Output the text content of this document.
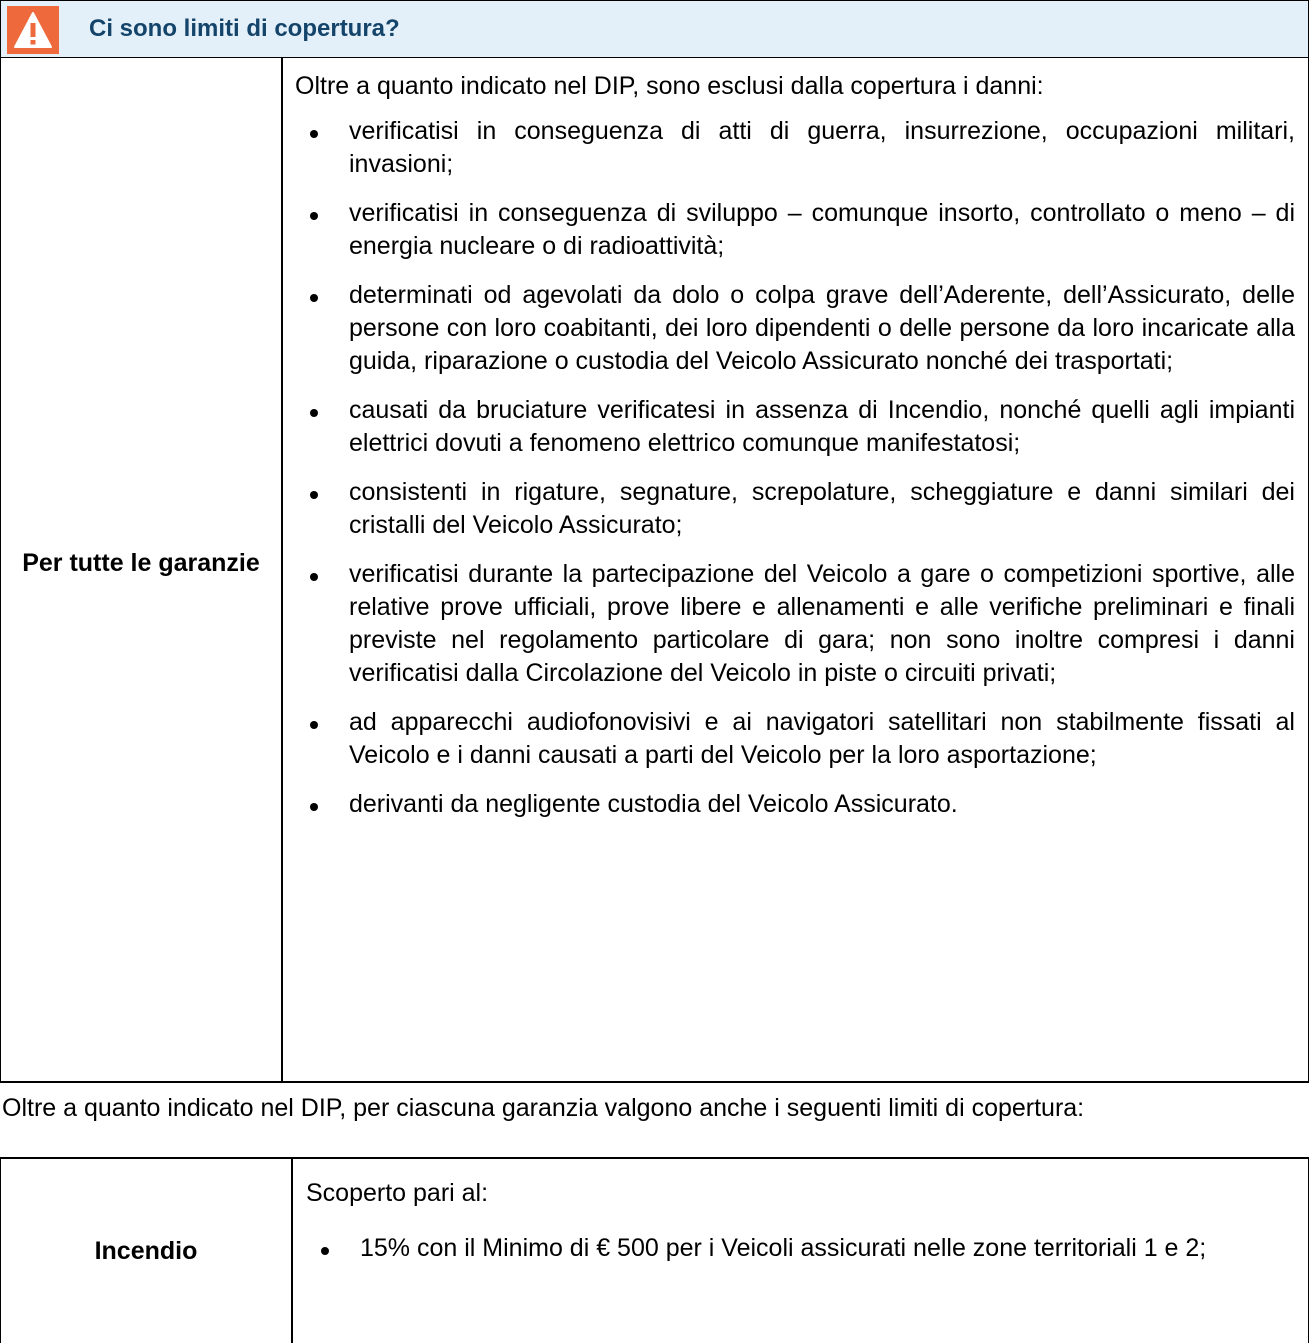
Ci sono limiti di copertura?
Per tutte le garanzie

Oltre a quanto indicato nel DIP, sono esclusi dalla copertura i danni:

verificatisi in conseguenza di atti di guerra, insurrezione, occupazioni militari, invasioni;
verificatisi in conseguenza di sviluppo – comunque insorto, controllato o meno – di energia nucleare o di radioattività;
determinati od agevolati da dolo o colpa grave dell’Aderente, dell’Assicurato, delle persone con loro coabitanti, dei loro dipendenti o delle persone da loro incaricate alla guida, riparazione o custodia del Veicolo Assicurato nonché dei trasportati;
causati da bruciature verificatesi in assenza di Incendio, nonché quelli agli impianti elettrici dovuti a fenomeno elettrico comunque manifestatosi;
consistenti in rigature, segnature, screpolature, scheggiature e danni similari dei cristalli del Veicolo Assicurato;
verificatisi durante la partecipazione del Veicolo a gare o competizioni sportive, alle relative prove ufficiali, prove libere e allenamenti e alle verifiche preliminari e finali previste nel regolamento particolare di gara; non sono inoltre compresi i danni verificatisi dalla Circolazione del Veicolo in piste o circuiti privati;
ad apparecchi audiofonovisivi e ai navigatori satellitari non stabilmente fissati al Veicolo e i danni causati a parti del Veicolo per la loro asportazione;
derivanti da negligente custodia del Veicolo Assicurato.
Oltre a quanto indicato nel DIP, per ciascuna garanzia valgono anche i seguenti limiti di copertura:
Incendio

Scoperto pari al:

15% con il Minimo di € 500 per i Veicoli assicurati nelle zone territoriali 1 e 2;
